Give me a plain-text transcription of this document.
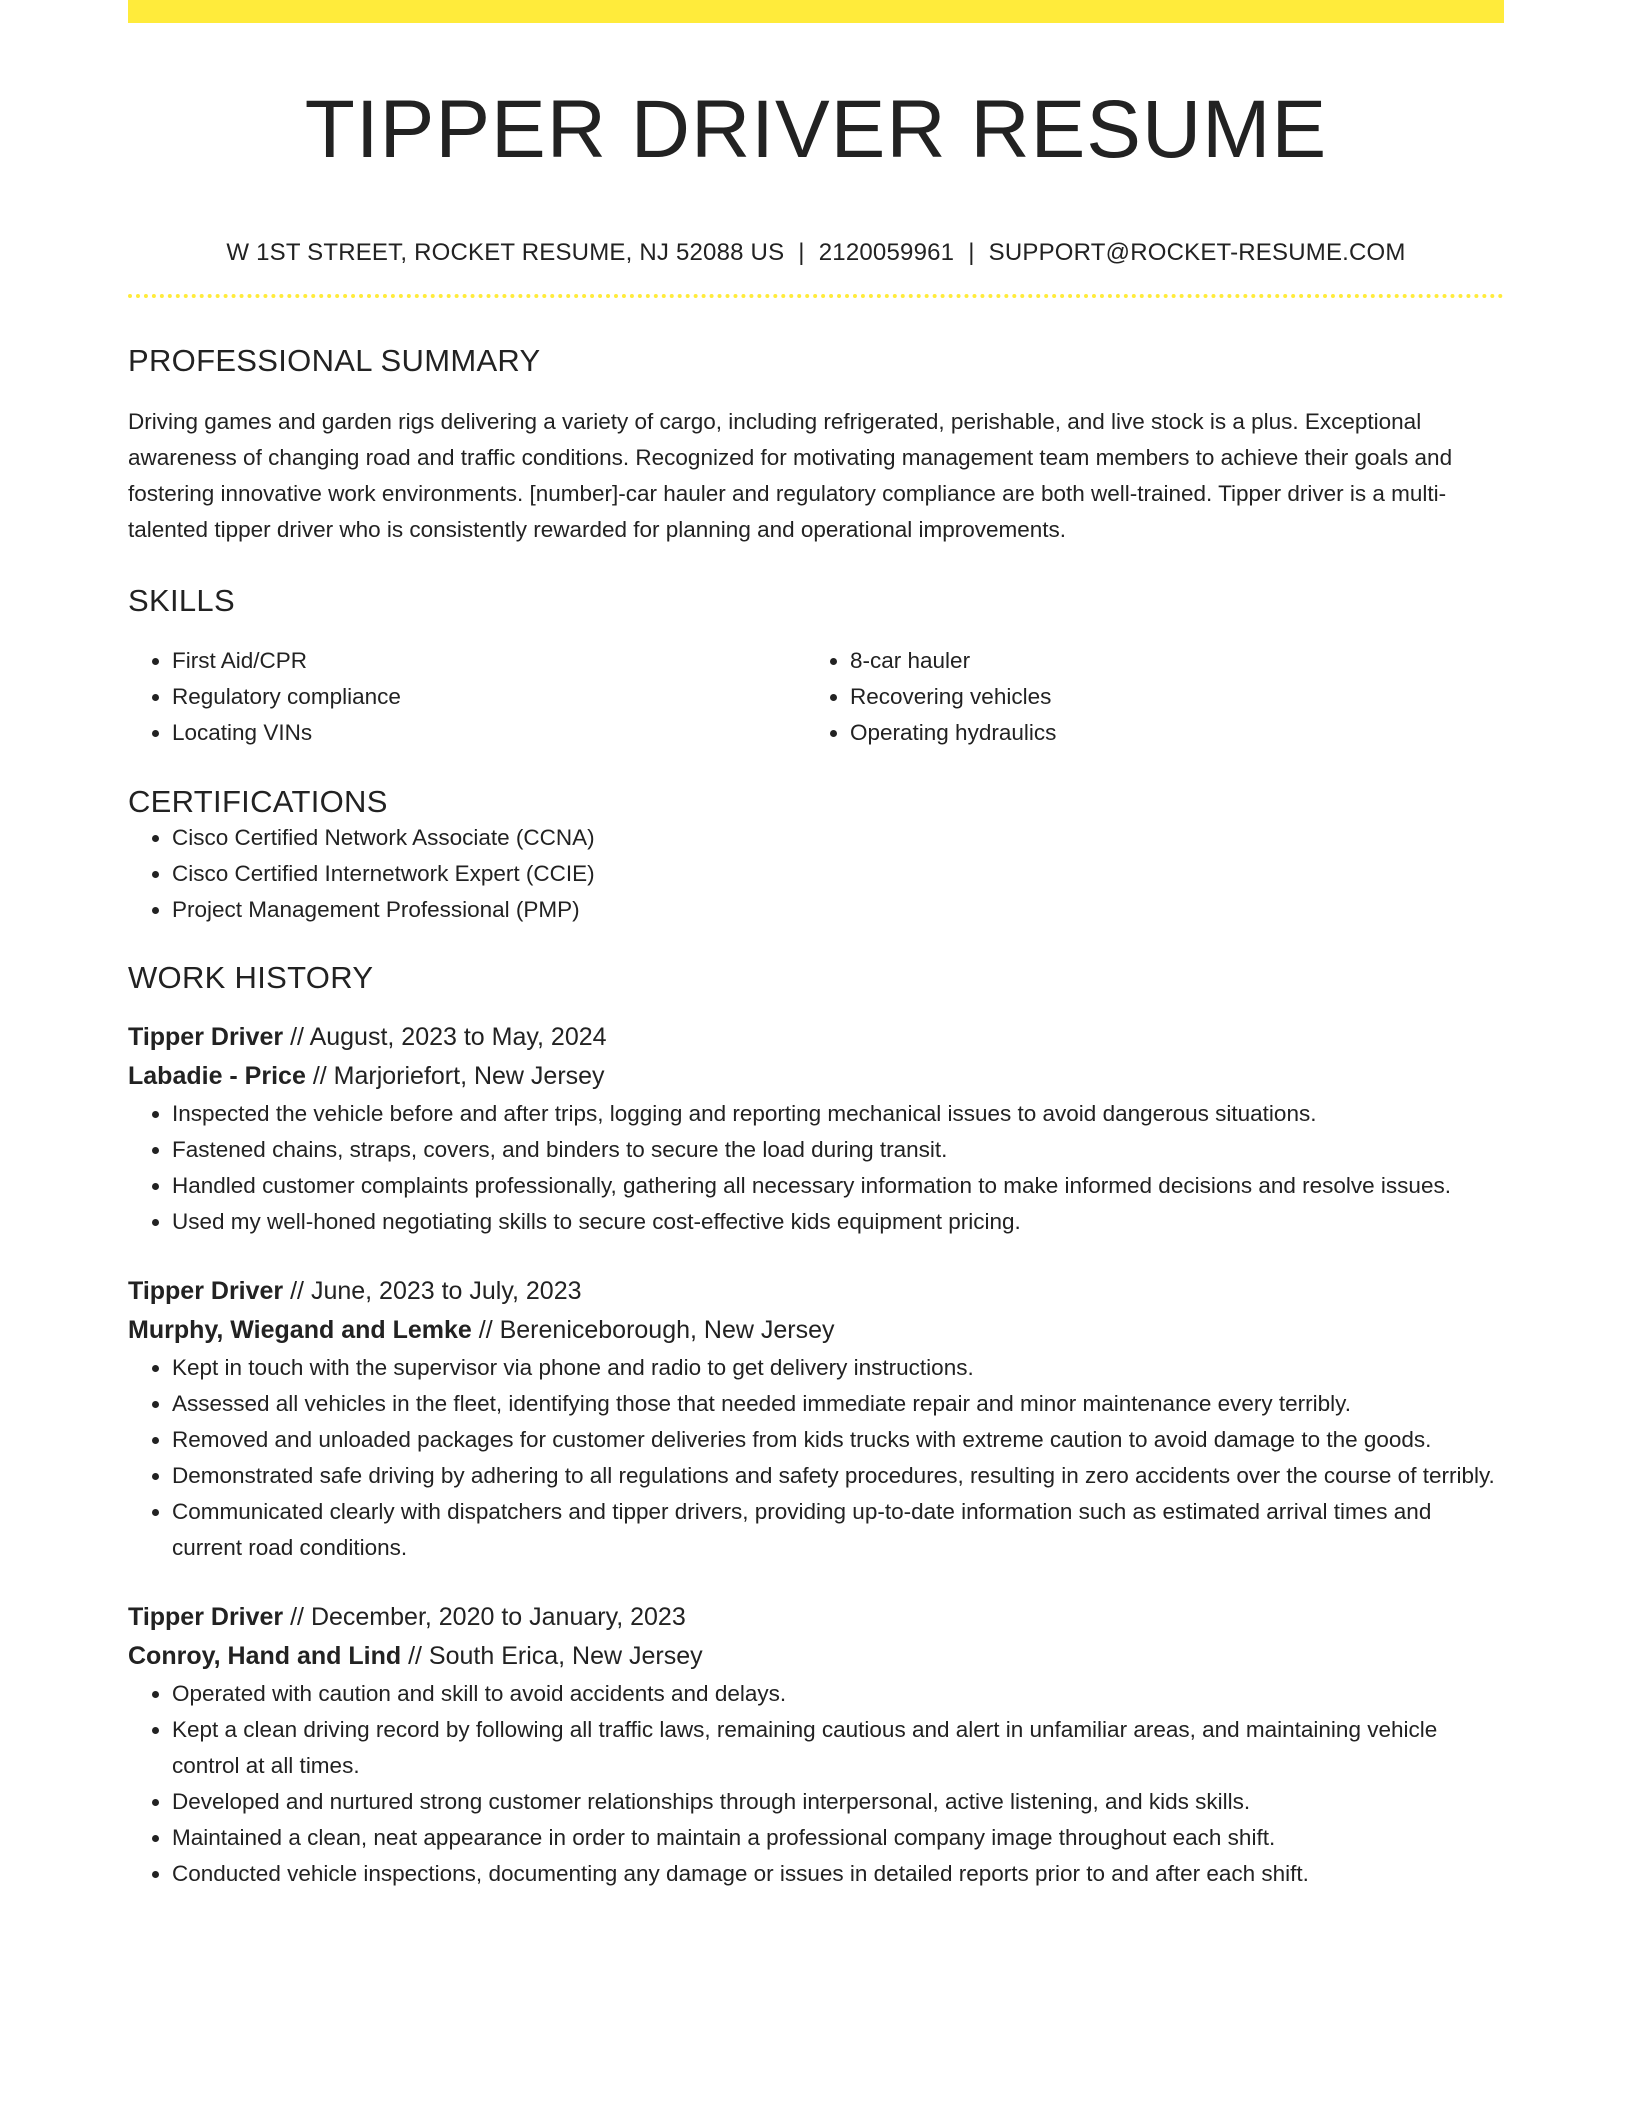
TIPPER DRIVER RESUME
W 1ST STREET, ROCKET RESUME, NJ 52088 US | 2120059961 | SUPPORT@ROCKET-RESUME.COM
PROFESSIONAL SUMMARY
Driving games and garden rigs delivering a variety of cargo, including refrigerated, perishable, and live stock is a plus. Exceptional awareness of changing road and traffic conditions. Recognized for motivating management team members to achieve their goals and fostering innovative work environments. [number]-car hauler and regulatory compliance are both well-trained. Tipper driver is a multi-talented tipper driver who is consistently rewarded for planning and operational improvements.
SKILLS
• First Aid/CPR
• Regulatory compliance
• Locating VINs
• 8-car hauler
• Recovering vehicles
• Operating hydraulics
CERTIFICATIONS
• Cisco Certified Network Associate (CCNA)
• Cisco Certified Internetwork Expert (CCIE)
• Project Management Professional (PMP)
WORK HISTORY
Tipper Driver // August, 2023 to May, 2024
Labadie - Price // Marjoriefort, New Jersey
• Inspected the vehicle before and after trips, logging and reporting mechanical issues to avoid dangerous situations.
• Fastened chains, straps, covers, and binders to secure the load during transit.
• Handled customer complaints professionally, gathering all necessary information to make informed decisions and resolve issues.
• Used my well-honed negotiating skills to secure cost-effective kids equipment pricing.
Tipper Driver // June, 2023 to July, 2023
Murphy, Wiegand and Lemke // Berenicеborough, New Jersey
• Kept in touch with the supervisor via phone and radio to get delivery instructions.
• Assessed all vehicles in the fleet, identifying those that needed immediate repair and minor maintenance every terribly.
• Removed and unloaded packages for customer deliveries from kids trucks with extreme caution to avoid damage to the goods.
• Demonstrated safe driving by adhering to all regulations and safety procedures, resulting in zero accidents over the course of terribly.
• Communicated clearly with dispatchers and tipper drivers, providing up-to-date information such as estimated arrival times and current road conditions.
Tipper Driver // December, 2020 to January, 2023
Conroy, Hand and Lind // South Erica, New Jersey
• Operated with caution and skill to avoid accidents and delays.
• Kept a clean driving record by following all traffic laws, remaining cautious and alert in unfamiliar areas, and maintaining vehicle control at all times.
• Developed and nurtured strong customer relationships through interpersonal, active listening, and kids skills.
• Maintained a clean, neat appearance in order to maintain a professional company image throughout each shift.
• Conducted vehicle inspections, documenting any damage or issues in detailed reports prior to and after each shift.
